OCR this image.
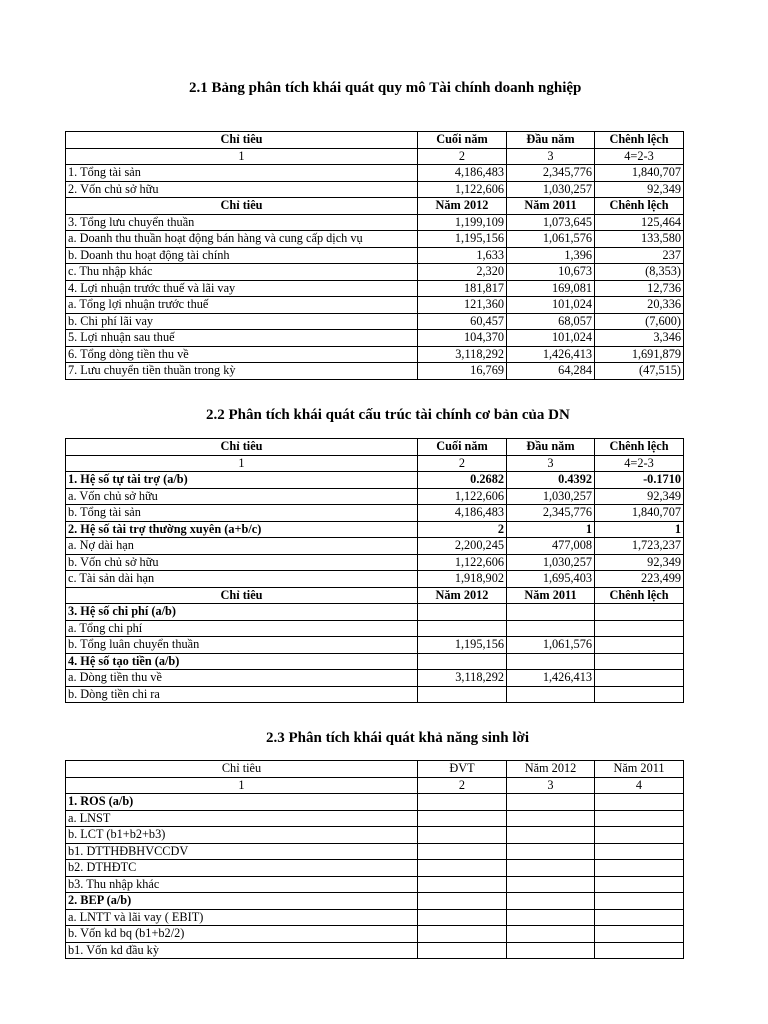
2.1 Bảng phân tích khái quát quy mô Tài chính doanh nghiệp
Chỉ tiêu	Cuối năm	Đầu năm	Chênh lệch
1	2	3	4=2-3
1. Tổng tài sản	4,186,483	2,345,776	1,840,707
2. Vốn chủ sở hữu	1,122,606	1,030,257	92,349
Chỉ tiêu	Năm 2012	Năm 2011	Chênh lệch
3. Tổng lưu chuyển thuần	1,199,109	1,073,645	125,464
a. Doanh thu thuần hoạt động bán hàng và cung cấp dịch vụ	1,195,156	1,061,576	133,580
b. Doanh thu hoạt động tài chính	1,633	1,396	237
c. Thu nhập khác	2,320	10,673	(8,353)
4. Lợi nhuận trước thuế và lãi vay	181,817	169,081	12,736
a. Tổng lợi nhuận trước thuế	121,360	101,024	20,336
b. Chi phí lãi vay	60,457	68,057	(7,600)
5. Lợi nhuận sau thuế	104,370	101,024	3,346
6. Tổng dòng tiền thu về	3,118,292	1,426,413	1,691,879
7. Lưu chuyển tiền thuần trong kỳ	16,769	64,284	(47,515)
2.2 Phân tích khái quát cấu trúc tài chính cơ bản của DN
Chỉ tiêu	Cuối năm	Đầu năm	Chênh lệch
1	2	3	4=2-3
1. Hệ số tự tài trợ (a/b)	0.2682	0.4392	-0.1710
a. Vốn chủ sở hữu	1,122,606	1,030,257	92,349
b. Tổng tài sản	4,186,483	2,345,776	1,840,707
2. Hệ số tài trợ thường xuyên (a+b/c)	2	1	1
a. Nợ dài hạn	2,200,245	477,008	1,723,237
b. Vốn chủ sở hữu	1,122,606	1,030,257	92,349
c. Tài sản dài hạn	1,918,902	1,695,403	223,499
Chỉ tiêu	Năm 2012	Năm 2011	Chênh lệch
3. Hệ số chi phí (a/b)			
a. Tổng chi phí			
b. Tổng luân chuyển thuần	1,195,156	1,061,576	
4. Hệ số tạo tiền (a/b)			
a. Dòng tiền thu về	3,118,292	1,426,413	
b. Dòng tiền chi ra			
2.3 Phân tích khái quát khả năng sinh lời
Chỉ tiêu	ĐVT	Năm 2012	Năm 2011
1	2	3	4
1. ROS (a/b)			
a. LNST			
b. LCT (b1+b2+b3)			
b1. DTTHĐBHVCCDV			
b2. DTHĐTC			
b3. Thu nhập khác			
2. BEP (a/b)			
a. LNTT và lãi vay ( EBIT)			
b. Vốn kd bq (b1+b2/2)			
b1. Vốn kd đầu kỳ			
